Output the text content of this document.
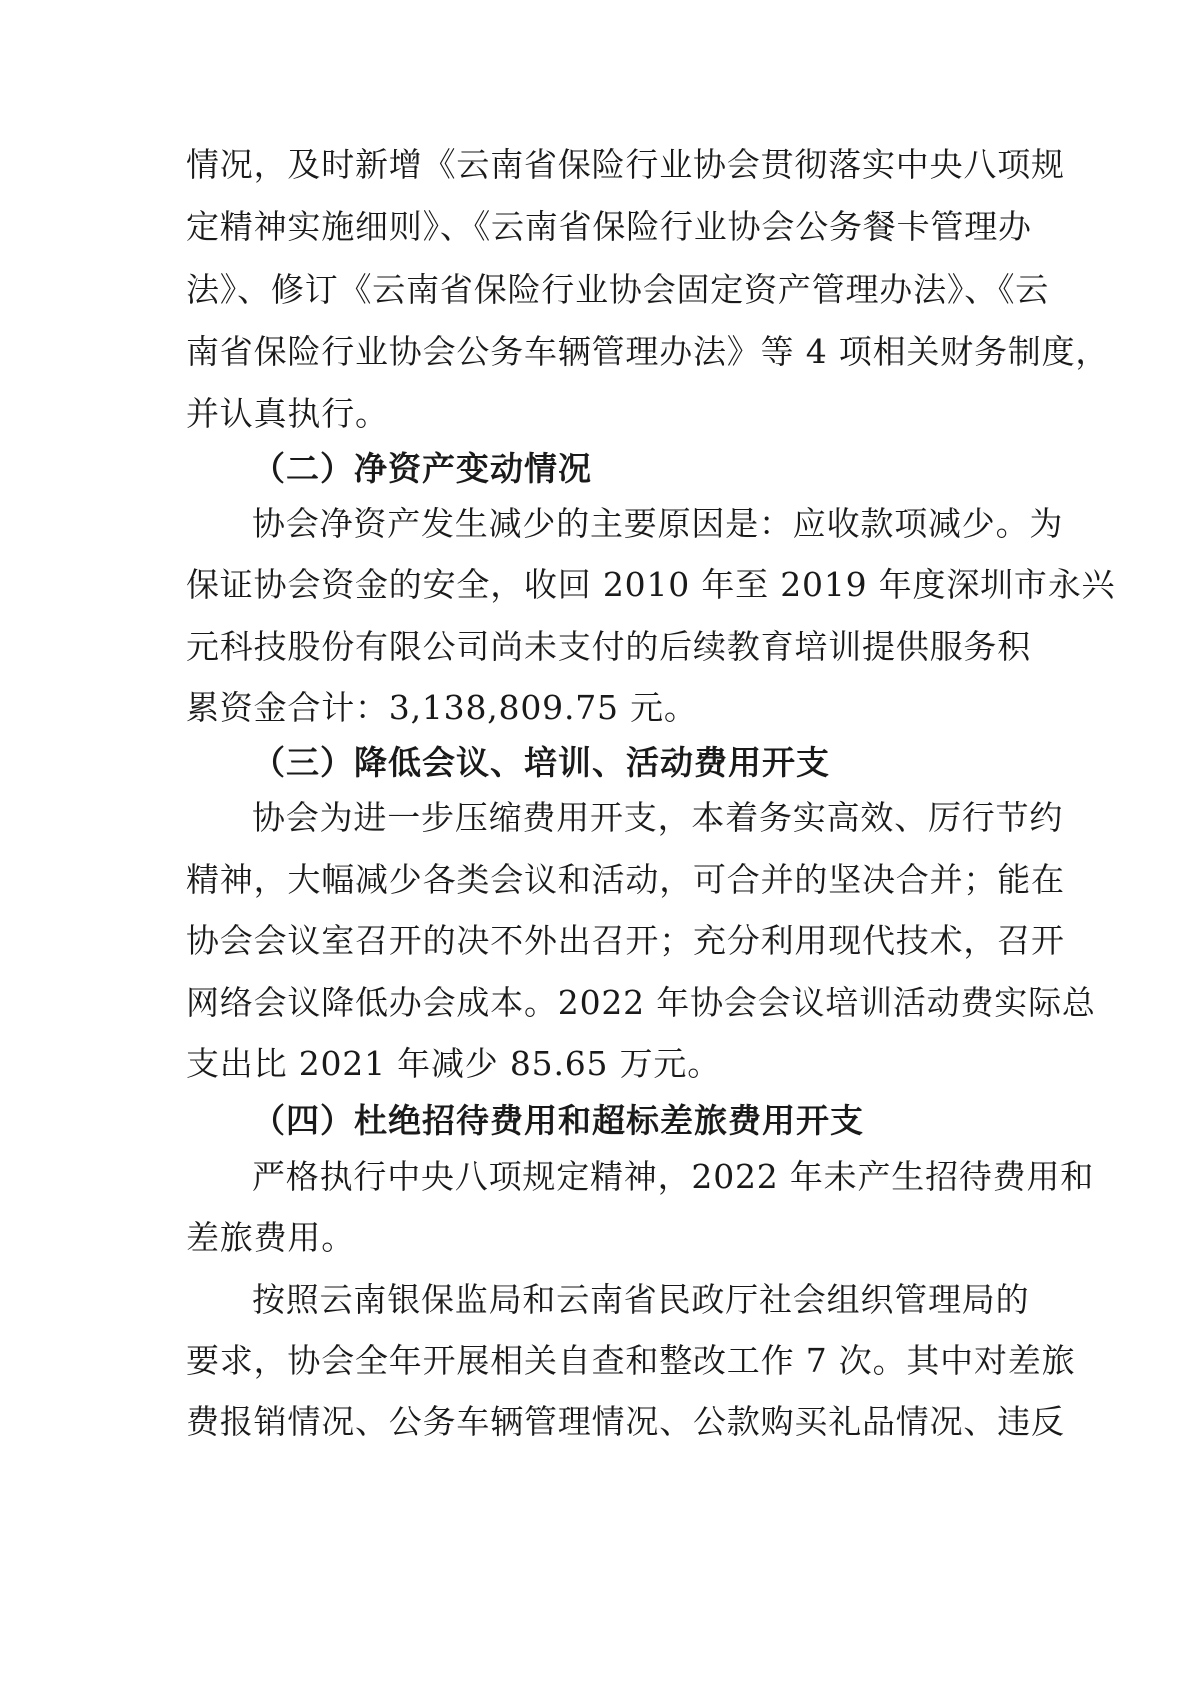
情况，及时新增《云南省保险行业协会贯彻落实中央八项规
定精神实施细则》、《云南省保险行业协会公务餐卡管理办
法》、修订《云南省保险行业协会固定资产管理办法》、《云
南省保险行业协会公务车辆管理办法》等 4 项相关财务制度，
并认真执行。
（二）净资产变动情况
协会净资产发生减少的主要原因是：应收款项减少。为
保证协会资金的安全，收回 2010 年至 2019 年度深圳市永兴
元科技股份有限公司尚未支付的后续教育培训提供服务积
累资金合计：3,138,809.75 元。
（三）降低会议、培训、活动费用开支
协会为进一步压缩费用开支，本着务实高效、厉行节约
精神，大幅减少各类会议和活动，可合并的坚决合并；能在
协会会议室召开的决不外出召开；充分利用现代技术，召开
网络会议降低办会成本。2022 年协会会议培训活动费实际总
支出比 2021 年减少 85.65 万元。
（四）杜绝招待费用和超标差旅费用开支
严格执行中央八项规定精神，2022 年未产生招待费用和
差旅费用。
按照云南银保监局和云南省民政厅社会组织管理局的
要求，协会全年开展相关自查和整改工作 7 次。其中对差旅
费报销情况、公务车辆管理情况、公款购买礼品情况、违反
